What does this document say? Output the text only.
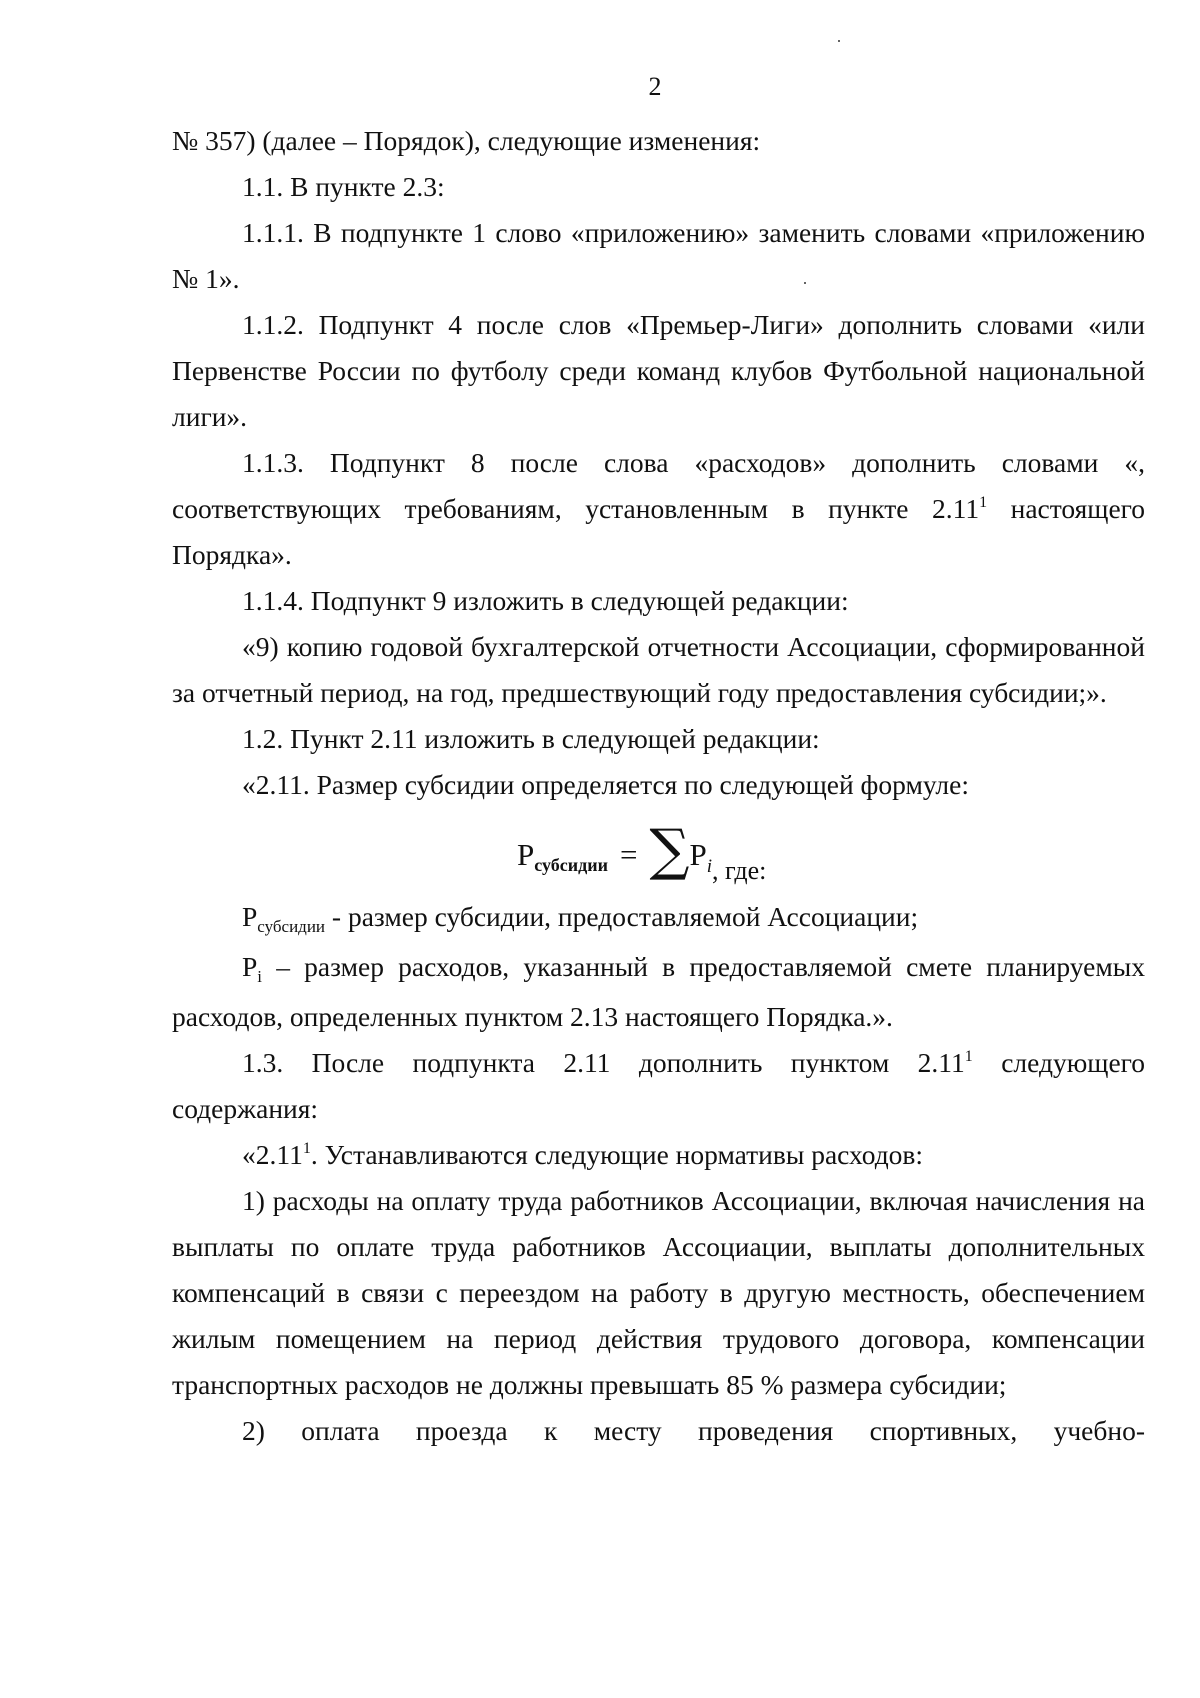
2

№ 357) (далее – Порядок), следующие изменения:

1.1. В пункте 2.3:

1.1.1. В подпункте 1 слово «приложению» заменить словами «приложению № 1».

1.1.2. Подпункт 4 после слов «Премьер-Лиги» дополнить словами «или Первенстве России по футболу среди команд клубов Футбольной национальной лиги».

1.1.3. Подпункт 8 после слова «расходов» дополнить словами «, соответствующих требованиям, установленным в пункте 2.11$^1$ настоящего Порядка».

1.1.4. Подпункт 9 изложить в следующей редакции:

«9) копию годовой бухгалтерской отчетности Ассоциации, сформированной за отчетный период, на год, предшествующий году предоставления субсидии;».

1.2. Пункт 2.11 изложить в следующей редакции:

«2.11. Размер субсидии определяется по следующей формуле:

Pсубсидии = $\sum P_{i, где:}$

$P_{субсидии}$ - размер субсидии, предоставляемой Ассоциации;

$P_i$ – размер расходов, указанный в предоставляемой смете планируемых расходов, определенных пунктом 2.13 настоящего Порядка.».

1.3. После подпункта 2.11 дополнить пунктом 2.11$^1$ следующего содержания:

«2.11$^1$. Устанавливаются следующие нормативы расходов:

1) расходы на оплату труда работников Ассоциации, включая начисления на выплаты по оплате труда работников Ассоциации, выплаты дополнительных компенсаций в связи с переездом на работу в другую местность, обеспечением жилым помещением на период действия трудового договора, компенсации транспортных расходов не должны превышать 85 % размера субсидии;

2) оплата проезда к месту проведения спортивных, учебно-
